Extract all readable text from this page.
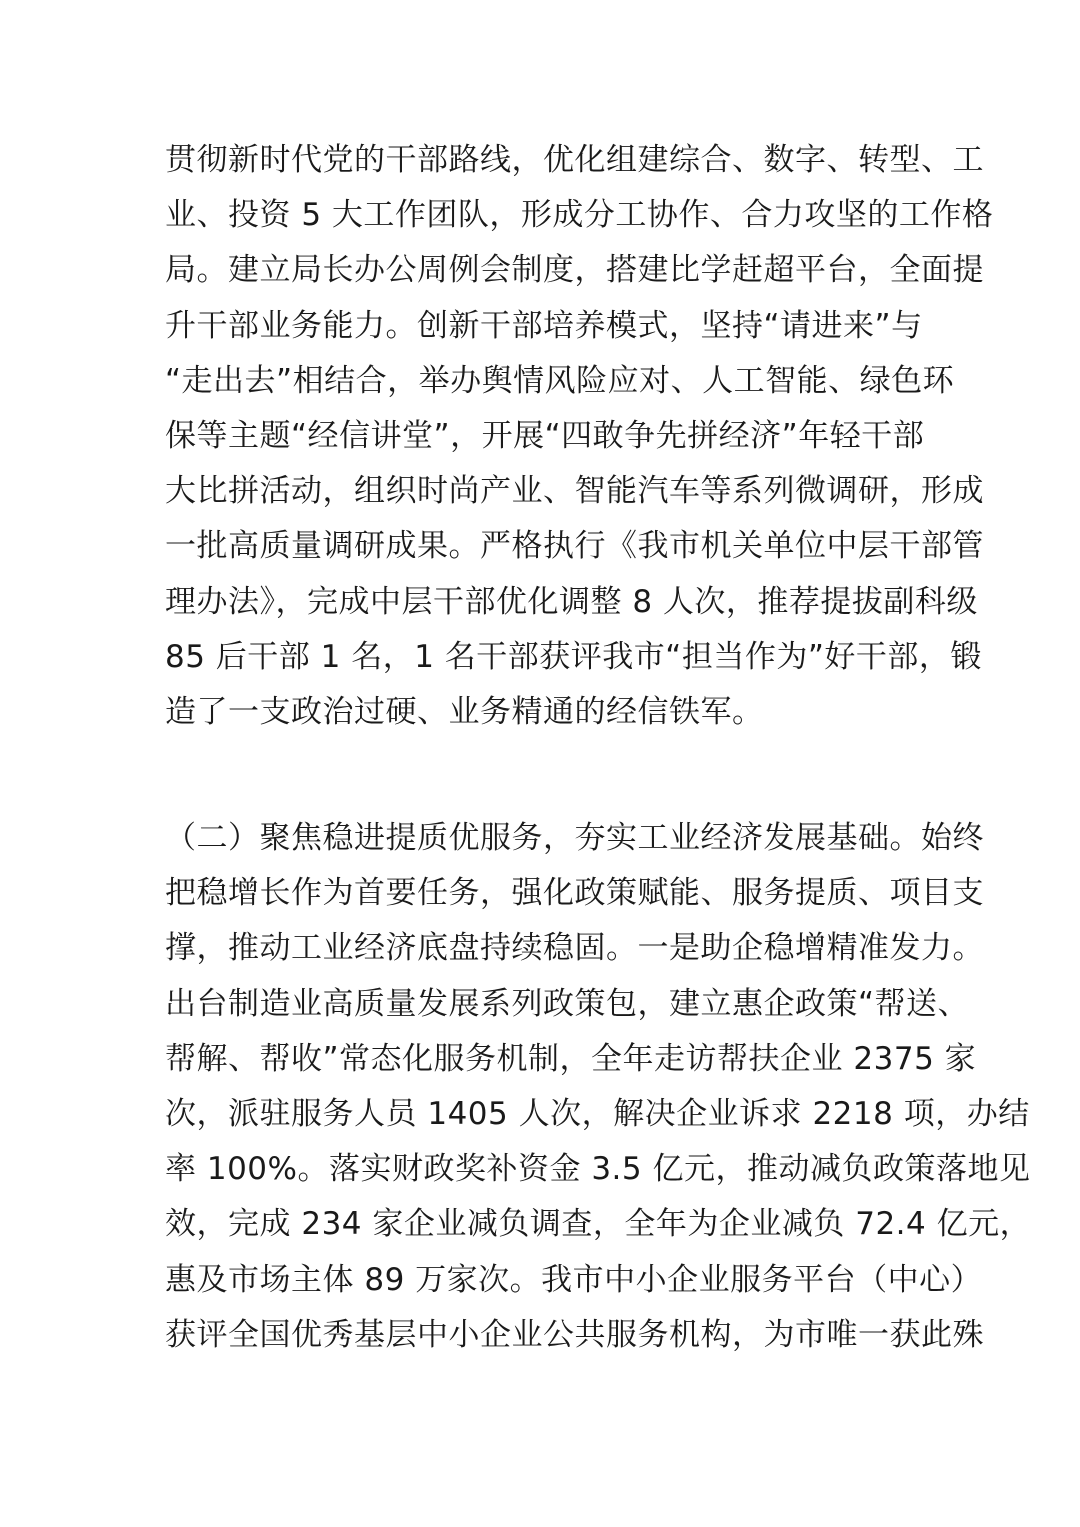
贯彻新时代党的干部路线，优化组建综合、数字、转型、工
业、投资 5 大工作团队，形成分工协作、合力攻坚的工作格
局。建立局长办公周例会制度，搭建比学赶超平台，全面提
升干部业务能力。创新干部培养模式，坚持“请进来”与
“走出去”相结合，举办舆情风险应对、人工智能、绿色环
保等主题“经信讲堂”，开展“四敢争先拼经济”年轻干部
大比拼活动，组织时尚产业、智能汽车等系列微调研，形成
一批高质量调研成果。严格执行《我市机关单位中层干部管
理办法》，完成中层干部优化调整 8 人次，推荐提拔副科级
85 后干部 1 名，1 名干部获评我市“担当作为”好干部，锻
造了一支政治过硬、业务精通的经信铁军。
（二）聚焦稳进提质优服务，夯实工业经济发展基础。始终
把稳增长作为首要任务，强化政策赋能、服务提质、项目支
撑，推动工业经济底盘持续稳固。一是助企稳增精准发力。
出台制造业高质量发展系列政策包，建立惠企政策“帮送、
帮解、帮收”常态化服务机制，全年走访帮扶企业 2375 家
次，派驻服务人员 1405 人次，解决企业诉求 2218 项，办结
率 100%。落实财政奖补资金 3.5 亿元，推动减负政策落地见
效，完成 234 家企业减负调查，全年为企业减负 72.4 亿元，
惠及市场主体 89 万家次。我市中小企业服务平台（中心）
获评全国优秀基层中小企业公共服务机构，为市唯一获此殊
